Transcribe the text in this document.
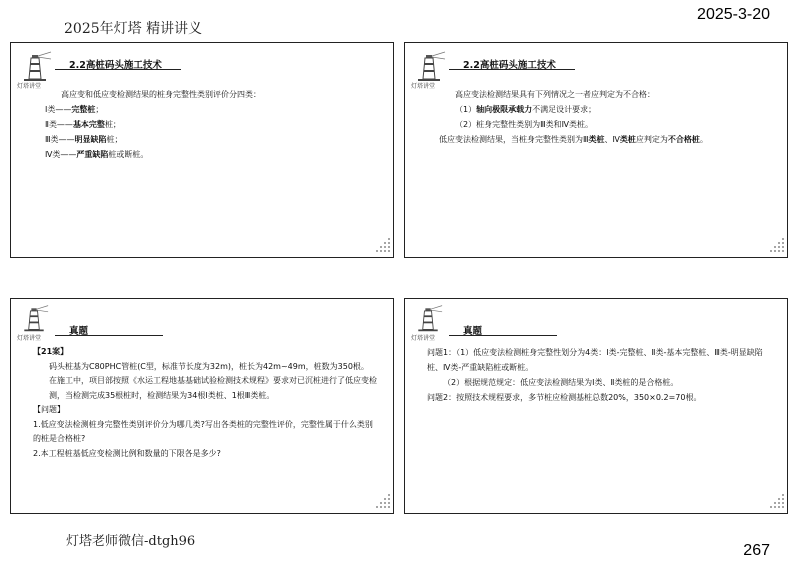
2025年灯塔 精讲讲义
2025-3-20
灯塔讲堂
2.2高桩码头施工技术
高应变和低应变检测结果的桩身完整性类别评价分四类：
Ⅰ类——完整桩；
Ⅱ类——基本完整桩；
Ⅲ类——明显缺陷桩；
Ⅳ类——严重缺陷桩或断桩。
灯塔讲堂
2.2高桩码头施工技术
高应变法检测结果具有下列情况之一者应判定为不合格：
（1）轴向极限承载力不满足设计要求；
（2）桩身完整性类别为Ⅲ类和Ⅳ类桩。
低应变法检测结果，当桩身完整性类别为Ⅲ类桩、Ⅳ类桩应判定为不合格桩。
灯塔讲堂
真题
【21案】
码头桩基为C80PHC管桩(C型，标准节长度为32m)，桩长为42m~49m，桩数为350根。
在施工中，项目部按照《水运工程地基基础试验检测技术规程》要求对已沉桩进行了低应变检测，当检测完成35根桩时，检测结果为34根Ⅰ类桩、1根Ⅲ类桩。
【问题】
1.低应变法检测桩身完整性类别评价分为哪几类?写出各类桩的完整性评价，完整性属于什么类别的桩是合格桩?
2.本工程桩基低应变检测比例和数量的下限各是多少?
灯塔讲堂
真题
问题1：（1）低应变法检测桩身完整性划分为4类：Ⅰ类-完整桩、Ⅱ类-基本完整桩、Ⅲ类-明显缺陷桩、Ⅳ类-严重缺陷桩或断桩。
（2）根据规范规定：低应变法检测结果为Ⅰ类、Ⅱ类桩的是合格桩。
问题2：按照技术规程要求，多节桩应检测基桩总数20%，350×0.2=70根。
灯塔老师微信-dtgh96
267
